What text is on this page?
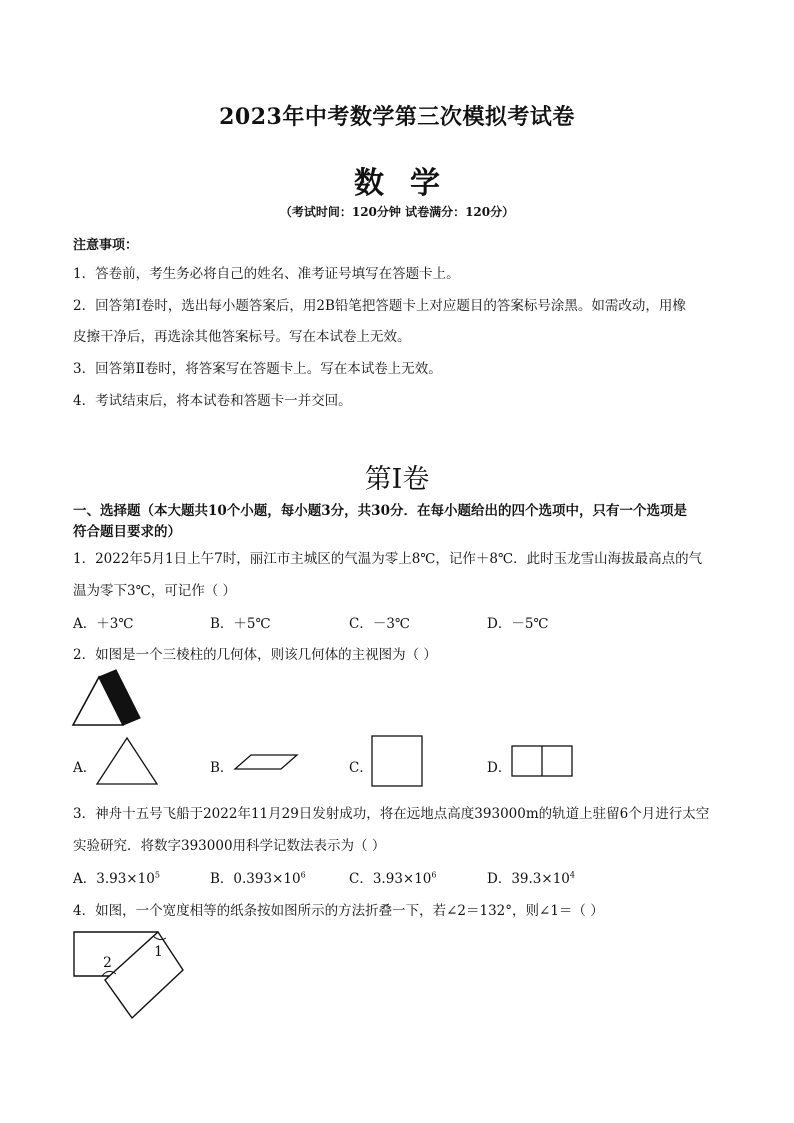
2023年中考数学第三次模拟考试卷
数学
（考试时间：120分钟 试卷满分：120分）
注意事项：
1．答卷前，考生务必将自己的姓名、准考证号填写在答题卡上。
2．回答第Ⅰ卷时，选出每小题答案后，用2B铅笔把答题卡上对应题目的答案标号涂黑。如需改动，用橡
皮擦干净后，再选涂其他答案标号。写在本试卷上无效。
3．回答第Ⅱ卷时，将答案写在答题卡上。写在本试卷上无效。
4．考试结束后，将本试卷和答题卡一并交回。
第Ⅰ卷
一、选择题（本大题共10个小题，每小题3分，共30分．在每小题给出的四个选项中，只有一个选项是
符合题目要求的）
1．2022年5月1日上午7时，丽江市主城区的气温为零上8℃，记作＋8℃．此时玉龙雪山海拔最高点的气
温为零下3℃，可记作（ ）
A．＋3℃	B．＋5℃	C．－3℃	D．－5℃
2．如图是一个三棱柱的几何体，则该几何体的主视图为（ ）
A．	B．	C．	D．
3．神舟十五号飞船于2022年11月29日发射成功，将在远地点高度393000m的轨道上驻留6个月进行太空
实验研究．将数字393000用科学记数法表示为（ ）
A．$3.93\times 10^5$	B．$0.393\times 10^6$	C．$3.93\times 10^6$	D．$39.3\times 10^4$
4．如图，一个宽度相等的纸条按如图所示的方法折叠一下，若∠2＝132°，则∠1＝（ ）
1
2
